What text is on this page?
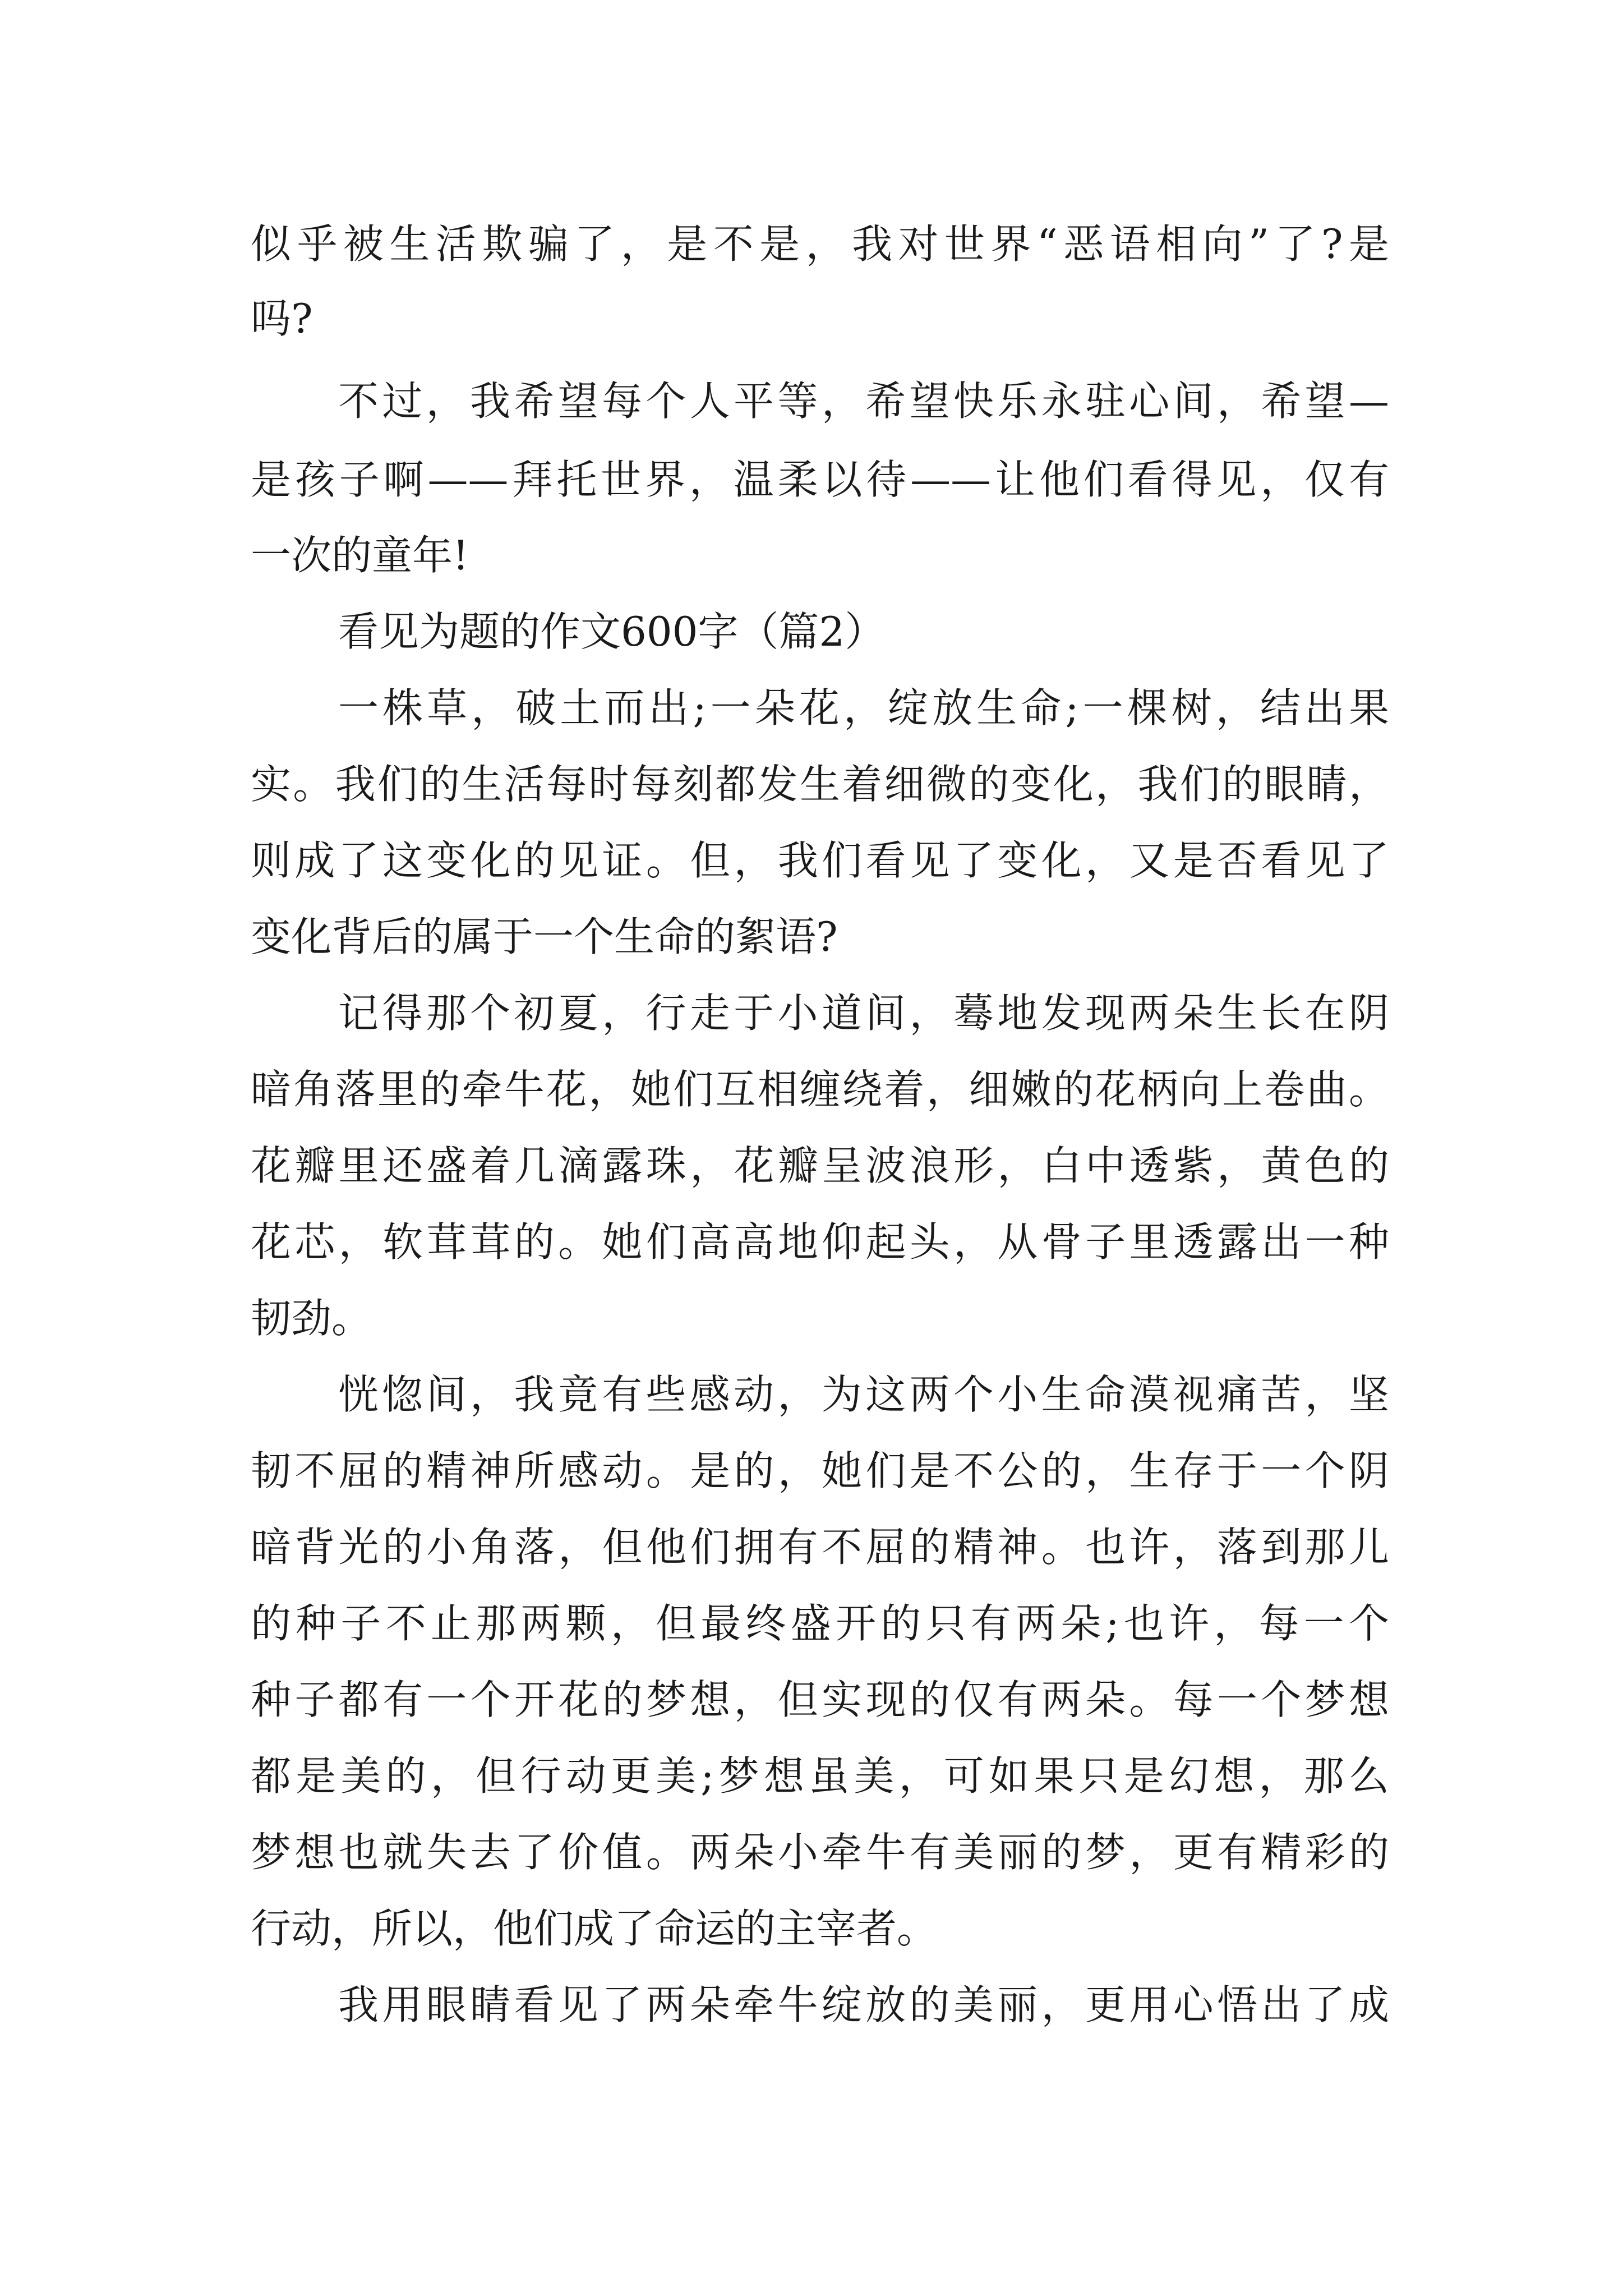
似乎被生活欺骗了，是不是，我对世界“恶语相向”了?是
吗?
不过，我希望每个人平等，希望快乐永驻心间，希望—
是孩子啊——拜托世界，温柔以待——让他们看得见，仅有
一次的童年!
看见为题的作文600字（篇2）
一株草，破土而出;一朵花，绽放生命;一棵树，结出果
实。我们的生活每时每刻都发生着细微的变化，我们的眼睛，
则成了这变化的见证。但，我们看见了变化，又是否看见了
变化背后的属于一个生命的絮语?
记得那个初夏，行走于小道间，蓦地发现两朵生长在阴
暗角落里的牵牛花，她们互相缠绕着，细嫩的花柄向上卷曲。
花瓣里还盛着几滴露珠，花瓣呈波浪形，白中透紫，黄色的
花芯，软茸茸的。她们高高地仰起头，从骨子里透露出一种
韧劲。
恍惚间，我竟有些感动，为这两个小生命漠视痛苦，坚
韧不屈的精神所感动。是的，她们是不公的，生存于一个阴
暗背光的小角落，但他们拥有不屈的精神。也许，落到那儿
的种子不止那两颗，但最终盛开的只有两朵;也许，每一个
种子都有一个开花的梦想，但实现的仅有两朵。每一个梦想
都是美的，但行动更美;梦想虽美，可如果只是幻想，那么
梦想也就失去了价值。两朵小牵牛有美丽的梦，更有精彩的
行动，所以，他们成了命运的主宰者。
我用眼睛看见了两朵牵牛绽放的美丽，更用心悟出了成
